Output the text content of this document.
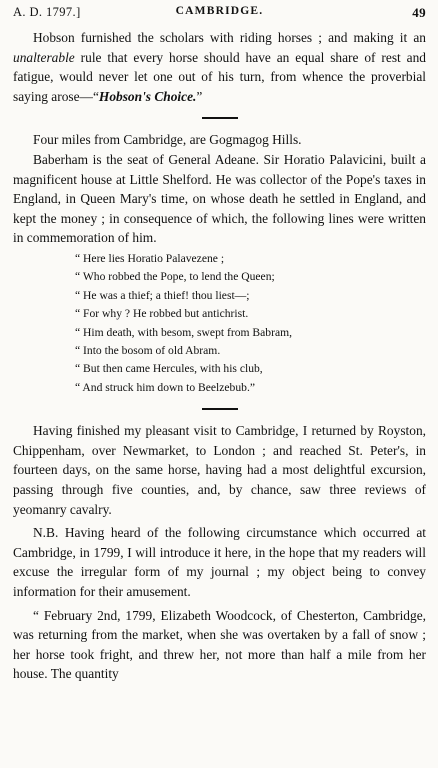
A. D. 1797.]	CAMBRIDGE.	49

Hobson furnished the scholars with riding horses ; and making it an unalterable rule that every horse should have an equal share of rest and fatigue, would never let one out of his turn, from whence the proverbial saying arose—“Hobson's Choice.”

Four miles from Cambridge, are Gogmagog Hills.

Baberham is the seat of General Adeane. Sir Horatio Palavicini, built a magnificent house at Little Shelford. He was collector of the Pope's taxes in England, in Queen Mary's time, on whose death he settled in England, and kept the money ; in consequence of which, the following lines were written in commemoration of him.

“ Here lies Horatio Palavezene ;
“ Who robbed the Pope, to lend the Queen;
“ He was a thief; a thief! thou liest—;
“ For why ? He robbed but antichrist.
“ Him death, with besom, swept from Babram,
“ Into the bosom of old Abram.
“ But then came Hercules, with his club,
“ And struck him down to Beelzebub.”

Having finished my pleasant visit to Cambridge, I returned by Royston, Chippenham, over Newmarket, to London ; and reached St. Peter's, in fourteen days, on the same horse, having had a most delightful excursion, passing through five counties, and, by chance, saw three reviews of yeomanry cavalry.

N.B. Having heard of the following circumstance which occurred at Cambridge, in 1799, I will introduce it here, in the hope that my readers will excuse the irregular form of my journal ; my object being to convey information for their amusement.

“ February 2nd, 1799, Elizabeth Woodcock, of Chesterton, Cambridge, was returning from the market, when she was overtaken by a fall of snow ; her horse took fright, and threw her, not more than half a mile from her house. The quantity
